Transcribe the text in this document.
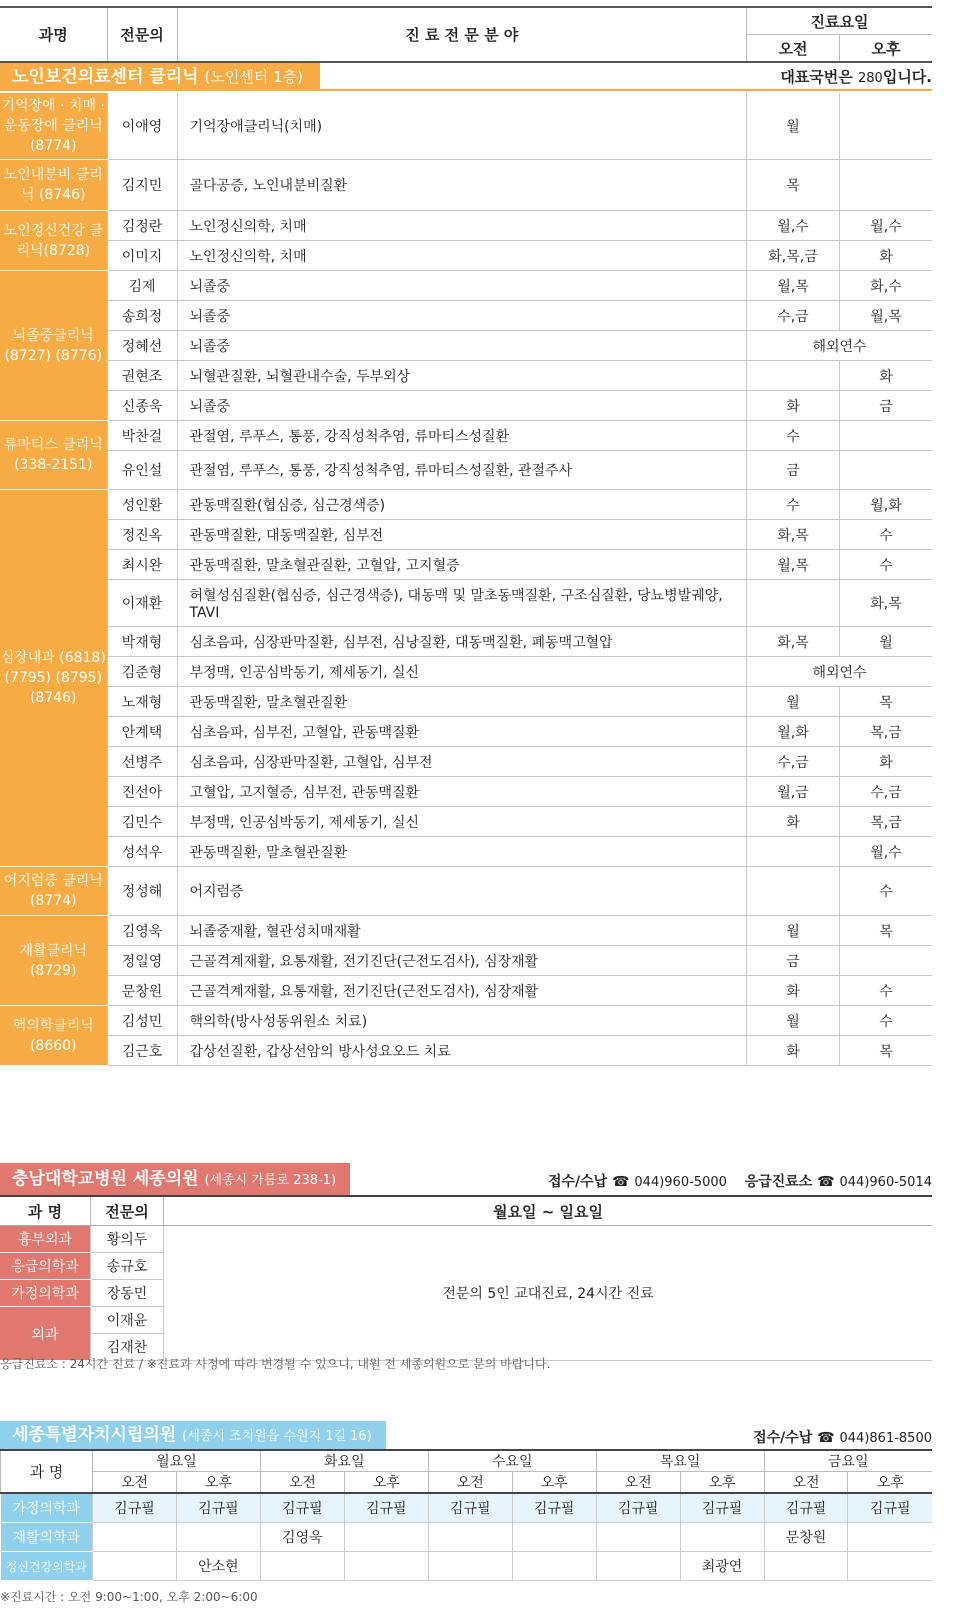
과명	전문의	진 료 전 문 분 야	진료요일	
			오전	오후

기억장애 · 치매 · 운동장애 클리닉(8774)	이애영	기억장애클리닉(치매)	월	
노인내분비 클리닉 (8746)	김지민	골다공증, 노인내분비질환	목	
노인정신건강 클리닉(8728)	김정란	노인정신의학, 치매	월,수	월,수
	이미지	노인정신의학, 치매	화,목,금	화
뇌졸중클리닉 (8727) (8776)	김제	뇌졸중	월,목	화,수
	송희정	뇌졸중	수,금	월,목
	정혜선	뇌졸중	해외연수	
	권현조	뇌혈관질환, 뇌혈관내수술, 두부외상		화
	신종욱	뇌졸중	화	금
류마티스 클리닉 (338-2151)	박찬걸	관절염, 루푸스, 통풍, 강직성척추염, 류마티스성질환	수	
	유인설	관절염, 루푸스, 통풍, 강직성척추염, 류마티스성질환, 관절주사	금	
심장내과 (6818) (7795) (8795) (8746)	성인환	관동맥질환(협심증, 심근경색증)	수	월,화
	정진옥	관동맥질환, 대동맥질환, 심부전	화,목	수
	최시완	관동맥질환, 말초혈관질환, 고혈압, 고지혈증	월,목	수
	이재환	허혈성심질환(협심증, 심근경색증), 대동맥 및 말초동맥질환, 구조심질환, 당뇨병발궤양, TAVI		화,목
	박재형	심초음파, 심장판막질환, 심부전, 심낭질환, 대동맥질환, 폐동맥고혈압	화,목	월
	김준형	부정맥, 인공심박동기, 제세동기, 실신	해외연수	
	노재형	관동맥질환, 말초혈관질환	월	목
	안계택	심초음파, 심부전, 고혈압, 관동맥질환	월,화	목,금
	선병주	심초음파, 심장판막질환, 고혈압, 심부전	수,금	화
	진선아	고혈압, 고지혈증, 심부전, 관동맥질환	월,금	수,금
	김민수	부정맥, 인공심박동기, 제세동기, 실신	화	목,금
	성석우	관동맥질환, 말초혈관질환		월,수
어지럼증 클리닉(8774)	정성해	어지럼증		수
재활클리닉 (8729)	김영욱	뇌졸중재활, 혈관성치매재활	월	목
	정일영	근골격계재활, 요통재활, 전기진단(근전도검사), 심장재활	금	
	문창원	근골격계재활, 요통재활, 전기진단(근전도검사), 심장재활	화	수
핵의학클리닉 (8660)	김성민	핵의학(방사성동위원소 치료)	월	수
	김근호	갑상선질환, 갑상선암의 방사성요오드 치료	화	목
노인보건의료센터 클리닉 (노인센터 1층)	대표국번은 280입니다.
충남대학교병원 세종의원 (세종시 가름로 238-1)	접수/수납 ☎ 044)960-5000 응급진료소 ☎ 044)960-5014
과 명	전문의	월요일 ~ 일요일
흉부외과	황의두	전문의 5인 교대진료, 24시간 진료
응급의학과	송규호	
가정의학과	장동민	
외과	이재윤	
	김재찬	
응급진료소 : 24시간 진료 / ※진료과 사정에 따라 변경될 수 있으니, 내원 전 세종의원으로 문의 바랍니다.
세종특별자치시립의원 (세종시 조치원읍 수원지 1길 16)	접수/수납 ☎ 044)861-8500
과 명	월요일		화요일		수요일		목요일		금요일	
	오전	오후	오전	오후	오전	오후	오전	오후	오전	오후
가정의학과	김규필	김규필	김규필	김규필	김규필	김규필	김규필	김규필	김규필	김규필
재활의학과			김영욱						문창원	
정신건강의학과		안소현						최광연		
※진료시간 : 오전 9:00~1:00, 오후 2:00~6:00
